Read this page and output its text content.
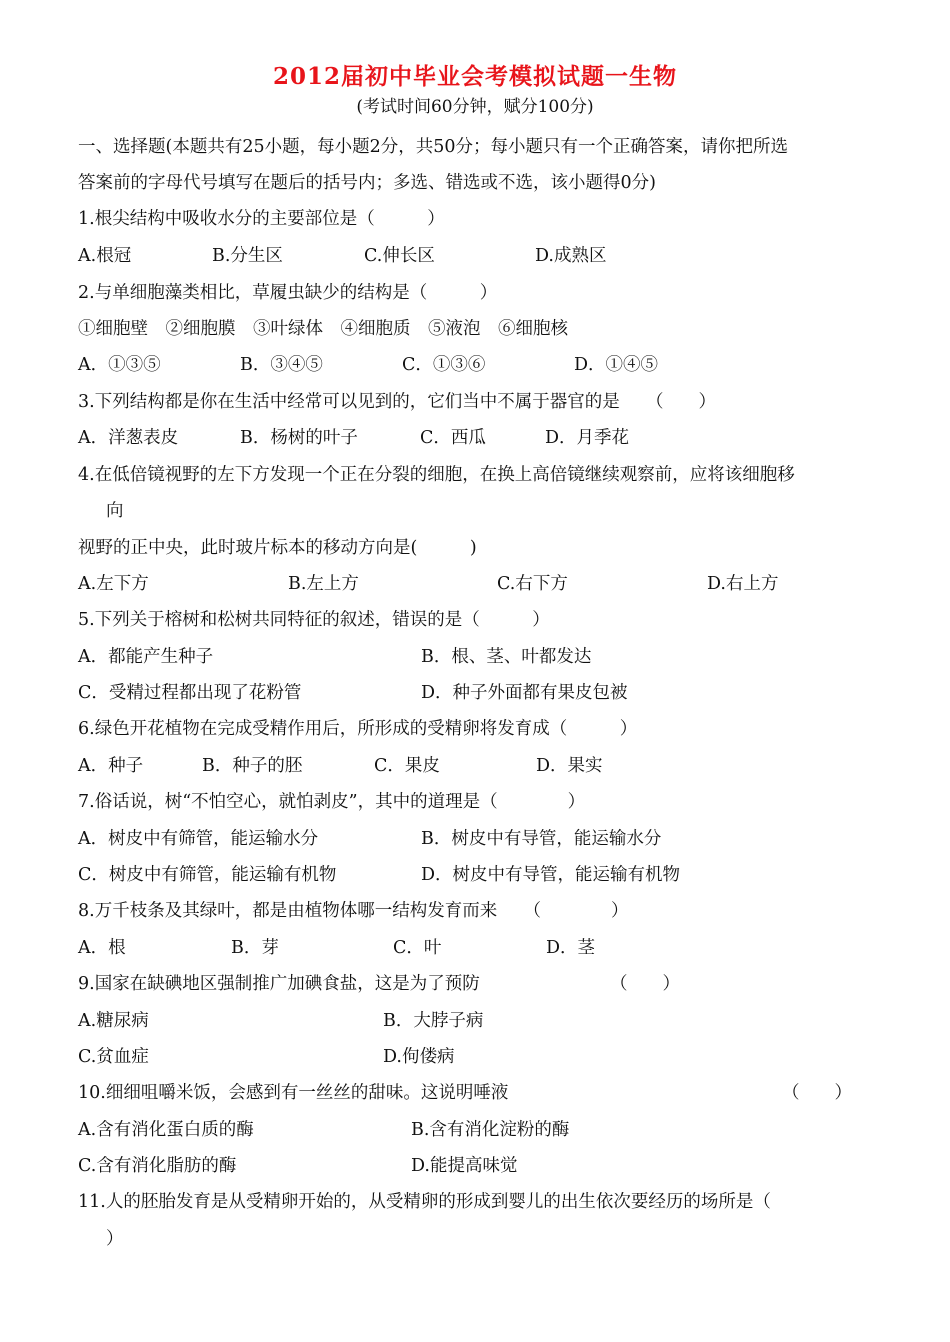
2012届初中毕业会考模拟试题一生物
(考试时间60分钟，赋分100分)
一、选择题(本题共有25小题，每小题2分，共50分；每小题只有一个正确答案，请你把所选
答案前的字母代号填写在题后的括号内；多选、错选或不选，该小题得0分)
1.根尖结构中吸收水分的主要部位是（　　　）
A.根冠	B.分生区	C.伸长区	D.成熟区
2.与单细胞藻类相比，草履虫缺少的结构是（　　　）
①细胞壁　②细胞膜　③叶绿体　④细胞质　⑤液泡　⑥细胞核
A．①③⑤	B．③④⑤	C．①③⑥	D．①④⑤
3.下列结构都是你在生活中经常可以见到的，它们当中不属于器官的是　　（　　）
A．洋葱表皮	B．杨树的叶子	C．西瓜	D．月季花
4.在低倍镜视野的左下方发现一个正在分裂的细胞，在换上高倍镜继续观察前，应将该细胞移
向
视野的正中央，此时玻片标本的移动方向是(　　　)
A.左下方	B.左上方	C.右下方	D.右上方
5.下列关于榕树和松树共同特征的叙述，错误的是（　　　）
A．都能产生种子	B．根、茎、叶都发达
C．受精过程都出现了花粉管	D．种子外面都有果皮包被
6.绿色开花植物在完成受精作用后，所形成的受精卵将发育成（　　　）
A．种子	B．种子的胚	C．果皮	D．果实
7.俗话说，树“不怕空心，就怕剥皮”，其中的道理是（　　　　）
A．树皮中有筛管，能运输水分	B．树皮中有导管，能运输水分
C．树皮中有筛管，能运输有机物	D．树皮中有导管，能运输有机物
8.万千枝条及其绿叶，都是由植物体哪一结构发育而来　　（　　　　）
A．根	B．芽	C．叶	D．茎
9.国家在缺碘地区强制推广加碘食盐，这是为了预防	（　　）
A.糖尿病	B．大脖子病
C.贫血症	D.佝偻病
10.细细咀嚼米饭，会感到有一丝丝的甜味。这说明唾液	（　　）
A.含有消化蛋白质的酶	B.含有消化淀粉的酶
C.含有消化脂肪的酶	D.能提高味觉
11.人的胚胎发育是从受精卵开始的，从受精卵的形成到婴儿的出生依次要经历的场所是（
）
